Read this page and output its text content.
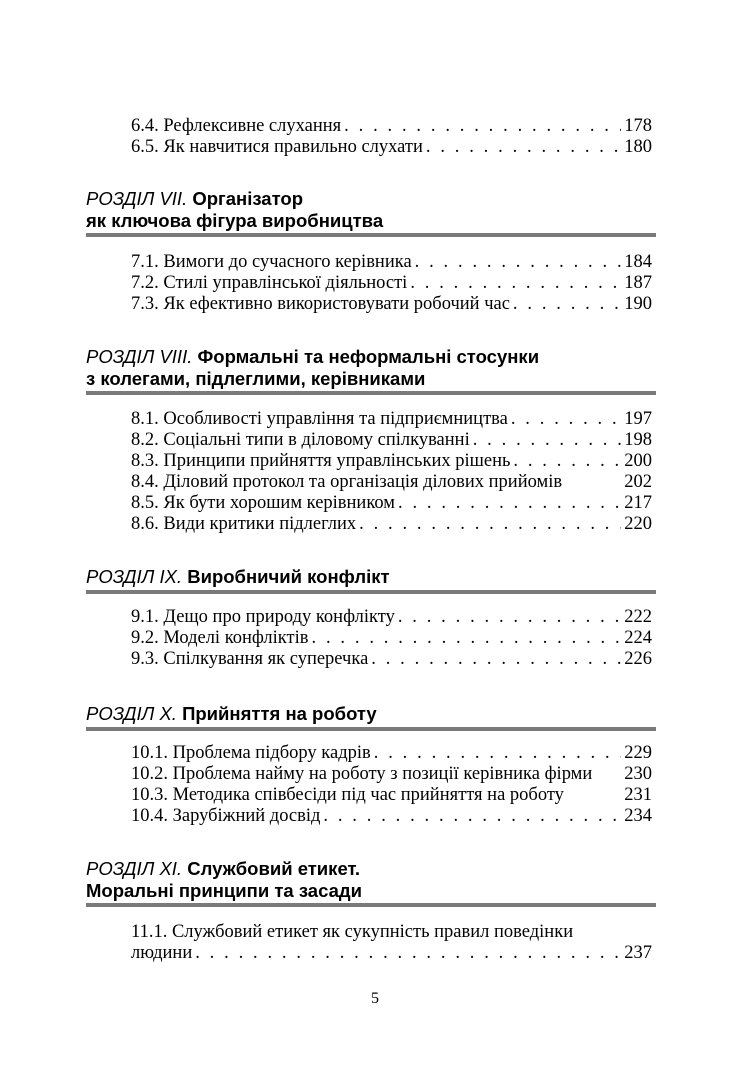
6.4. Рефлексивне слухання . . .	178
6.5. Як навчитися правильно слухати . . .	180
РОЗДІЛ VII. Організатор
як ключова фігура виробництва
7.1. Вимоги до сучасного керівника . . .	184
7.2. Стилі управлінської діяльності . . .	187
7.3. Як ефективно використовувати робочий час . . .	190
РОЗДІЛ VIII. Формальні та неформальні стосунки
з колегами, підлеглими, керівниками
8.1. Особливості управління та підприємництва . . .	197
8.2. Соціальні типи в діловому спілкуванні . . .	198
8.3. Принципи прийняття управлінських рішень . . .	200
8.4. Діловий протокол та організація ділових прийомів	202
8.5. Як бути хорошим керівником . . .	217
8.6. Види критики підлеглих . . .	220
РОЗДІЛ IX. Виробничий конфлікт
9.1. Дещо про природу конфлікту . . .	222
9.2. Моделі конфліктів . . .	224
9.3. Спілкування як суперечка . . .	226
РОЗДІЛ X. Прийняття на роботу
10.1. Проблема підбору кадрів . . .	229
10.2. Проблема найму на роботу з позиції керівника фірми 230
10.3. Методика співбесіди під час прийняття на роботу	231
10.4. Зарубіжний досвід . . .	234
РОЗДІЛ XI. Службовий етикет.
Моральні принципи та засади
11.1. Службовий етикет як сукупність правил поведінки
людини . . .	237
5
